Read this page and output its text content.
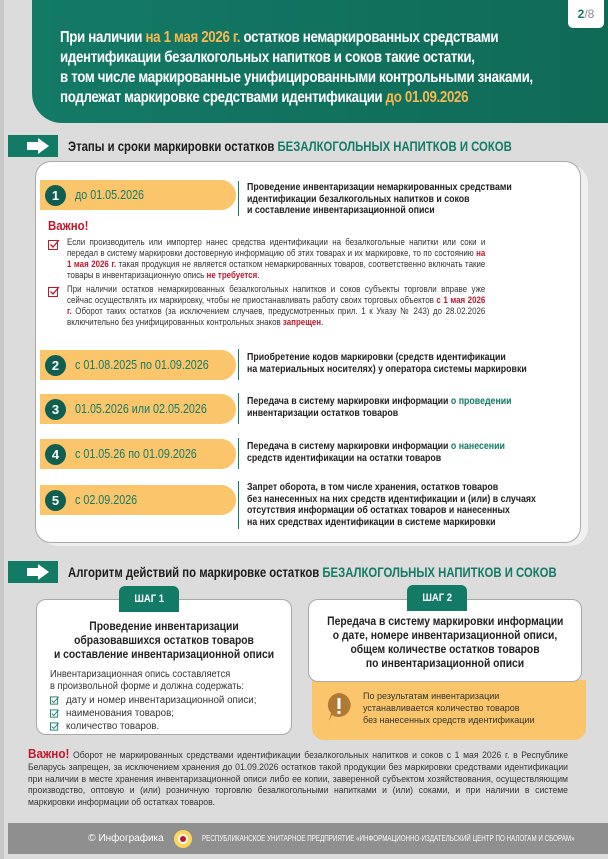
2/8
При наличии на 1 мая 2026 г. остатков немаркированных средствами
идентификации безалкогольных напитков и соков такие остатки,
в том числе маркированные унифицированными контрольными знаками,
подлежат маркировке средствами идентификации до 01.09.2026
Этапы и сроки маркировки остатков БЕЗАЛКОГОЛЬНЫХ НАПИТКОВ И СОКОВ
1	до 01.05.2026
Проведение инвентаризации немаркированных средствами
идентификации безалкогольных напитков и соков
и составление инвентаризационной описи
Важно!
Если производитель или импортер нанес средства идентификации на безалкогольные напитки или соки и передал в систему маркировки достоверную информацию об этих товарах и их маркировке, то по состоянию на 1 мая 2026 г. такая продукция не является остатком немаркированных товаров, соответственно включать такие товары в инвентаризационную опись не требуется.
При наличии остатков немаркированных безалкогольных напитков и соков субъекты торговли вправе уже сейчас осуществлять их маркировку, чтобы не приостанавливать работу своих торговых объектов с 1 мая 2026 г. Оборот таких остатков (за исключением случаев, предусмотренных прил. 1 к Указу № 243) до 28.02.2026 включительно без унифицированных контрольных знаков запрещен.
2	с 01.08.2025 по 01.09.2026
Приобретение кодов маркировки (средств идентификации
на материальных носителях) у оператора системы маркировки
3	01.05.2026 или 02.05.2026
Передача в систему маркировки информации о проведении
инвентаризации остатков товаров
4	с 01.05.26 по 01.09.2026
Передача в систему маркировки информации о нанесении
средств идентификации на остатки товаров
5	с 02.09.2026
Запрет оборота, в том числе хранения, остатков товаров
без нанесенных на них средств идентификации и (или) в случаях
отсутствия информации об остатках товаров и нанесенных
на них средствах идентификации в системе маркировки
Алгоритм действий по маркировке остатков БЕЗАЛКОГОЛЬНЫХ НАПИТКОВ И СОКОВ
ШАГ 1
Проведение инвентаризации
образовавшихся остатков товаров
и составление инвентаризационной описи
Инвентаризационная опись составляется
в произвольной форме и должна содержать:
дату и номер инвентаризационной описи;
наименования товаров;
количество товаров.
По результатам инвентаризации
устанавливается количество товаров
без нанесенных средств идентификации
ШАГ 2
Передача в систему маркировки информации
о дате, номере инвентаризационной описи,
общем количестве остатков товаров
по инвентаризационной описи
Важно! Оборот не маркированных средствами идентификации безалкогольных напитков и соков с 1 мая 2026 г. в Республике Беларусь запрещен, за исключением хранения до 01.09.2026 остатков такой продукции без маркировки средствами идентификации при наличии в месте хранения инвентаризационной описи либо ее копии, заверенной субъектом хозяйствования, осуществляющим производство, оптовую и (или) розничную торговлю безалкогольными напитками и (или) соками, и при наличии в системе маркировки информации об остатках товаров.
© Инфографика	РЕСПУБЛИКАНСКОЕ УНИТАРНОЕ ПРЕДПРИЯТИЕ «ИНФОРМАЦИОННО-ИЗДАТЕЛЬСКИЙ ЦЕНТР ПО НАЛОГАМ И СБОРАМ»
